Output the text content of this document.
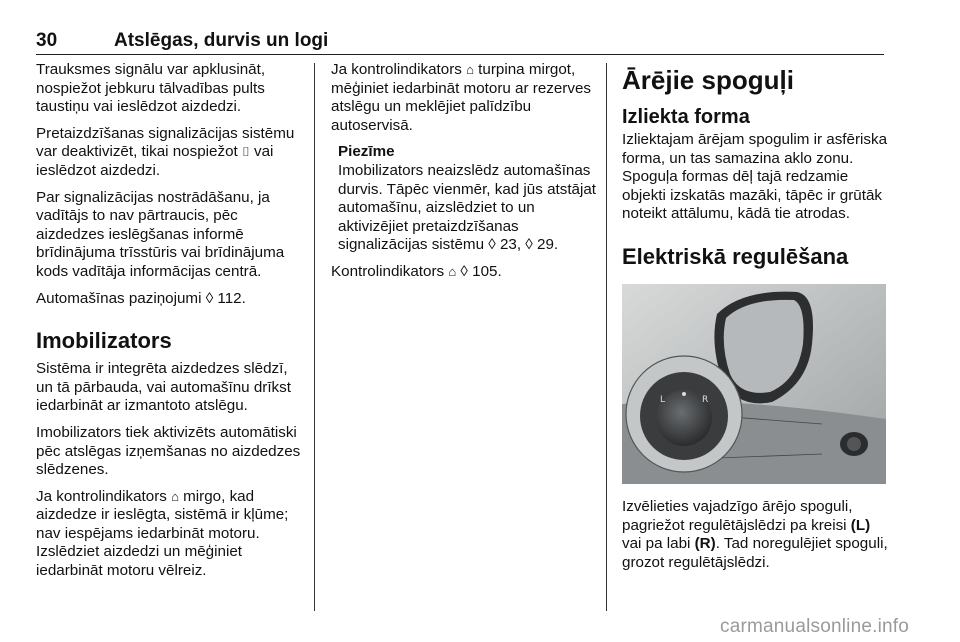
30	Atslēgas, durvis un logi

Trauksmes signālu var apklusināt, nospiežot jebkuru tālvadības pults taustiņu vai ieslēdzot aizdedzi.

Pretaizdzīšanas signalizācijas sistēmu var deaktivizēt, tikai nospiežot ⌷ vai ieslēdzot aizdedzi.

Par signalizācijas nostrādāšanu, ja vadītājs to nav pārtraucis, pēc aizdedzes ieslēgšanas informē brīdinājuma trīsstūris vai brīdinājuma kods vadītāja informācijas centrā.

Automašīnas paziņojumi ◊ 112.

Imobilizators

Sistēma ir integrēta aizdedzes slēdzī, un tā pārbauda, vai automašīnu drīkst iedarbināt ar izmantoto atslēgu.

Imobilizators tiek aktivizēts automātiski pēc atslēgas izņemšanas no aizdedzes slēdzenes.

Ja kontrolindikators ⌂ mirgo, kad aizdedze ir ieslēgta, sistēmā ir kļūme; nav iespējams iedarbināt motoru. Izslēdziet aizdedzi un mēģiniet iedarbināt motoru vēlreiz.

Ja kontrolindikators ⌂ turpina mirgot, mēģiniet iedarbināt motoru ar rezerves atslēgu un meklējiet palīdzību autoservisā.

Piezīme

Imobilizators neaizslēdz automašīnas durvis. Tāpēc vienmēr, kad jūs atstājat automašīnu, aizslēdziet to un aktivizējiet pretaizdzīšanas signalizācijas sistēmu ◊ 23, ◊ 29.

Kontrolindikators ⌂ ◊ 105.

Ārējie spoguļi
Izliekta forma

Izliektajam ārējam spogulim ir asfēriska forma, un tas samazina aklo zonu. Spoguļa formas dēļ tajā redzamie objekti izskatās mazāki, tāpēc ir grūtāk noteikt attālumu, kādā tie atrodas.

Elektriskā regulēšana
L	R

Izvēlieties vajadzīgo ārējo spoguli, pagriežot regulētājslēdzi pa kreisi (L) vai pa labi (R). Tad noregulējiet spoguli, grozot regulētājslēdzi.

carmanualsonline.info
